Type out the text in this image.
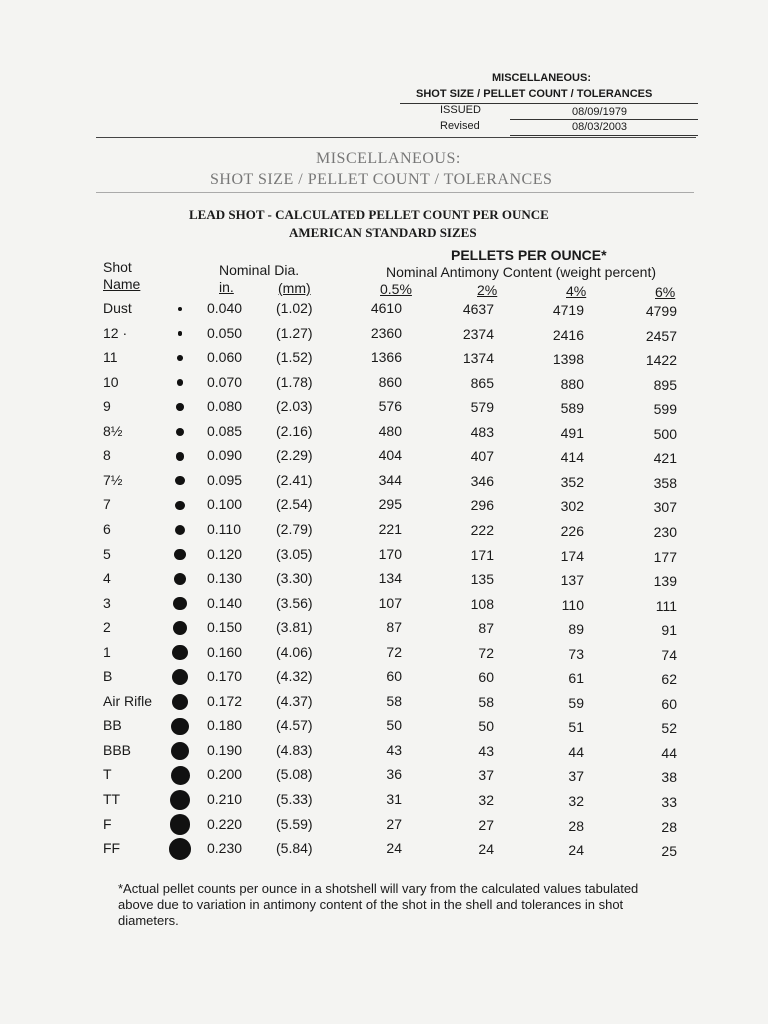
MISCELLANEOUS:
SHOT SIZE / PELLET COUNT / TOLERANCES
ISSUED	08/09/1979
Revised	08/03/2003
MISCELLANEOUS:
SHOT SIZE / PELLET COUNT / TOLERANCES
LEAD SHOT - CALCULATED PELLET COUNT PER OUNCE
AMERICAN STANDARD SIZES
Shot
Name
Nominal Dia.
in.	(mm)
PELLETS PER OUNCE*
Nominal Antimony Content (weight percent)
0.5%	2%	4%	6%
Dust	0.040 (1.02)	4610	4637	4719	4799
12 ·	0.050 (1.27)	2360	2374	2416	2457
11	0.060 (1.52)	1366	1374	1398	1422
10	0.070 (1.78)	860	865	880	895
9	0.080 (2.03)	576	579	589	599
8½	0.085 (2.16)	480	483	491	500
8	0.090 (2.29)	404	407	414	421
7½	0.095 (2.41)	344	346	352	358
7	0.100 (2.54)	295	296	302	307
6	0.110	(2.79)	221	222	226	230
5	0.120 (3.05)	170	171	174	177
4	0.130 (3.30)	134	135	137	139
3	0.140 (3.56)	107	108	110	111
2	0.150 (3.81)	87	87	89	91
1	0.160 (4.06)	72	72	73	74
B	0.170 (4.32)	60	60	61	62
Air Rifle	0.172 (4.37)	58	58	59	60
BB	0.180 (4.57)	50	50	51	52
BBB	0.190 (4.83)	43	43	44	44
T	0.200 (5.08)	36	37	37	38
TT	0.210 (5.33)	31	32	32	33
F	0.220 (5.59)	27	27	28	28
FF	0.230 (5.84)	24	24	24	25
*Actual pellet counts per ounce in a shotshell will vary from the calculated values tabulated above due to variation in antimony content of the shot in the shell and tolerances in shot diameters.
